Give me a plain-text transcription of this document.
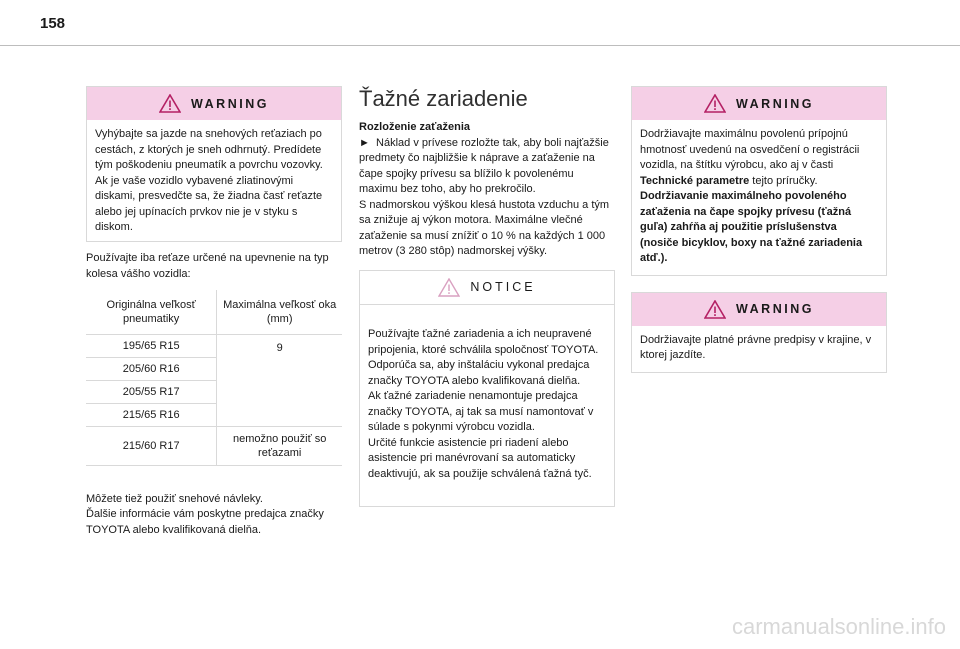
158
WARNING

Vyhýbajte sa jazde na snehových reťaziach po cestách, z ktorých je sneh odhrnutý. Predídete tým poškodeniu pneumatík a povrchu vozovky. Ak je vaše vozidlo vybavené zliatinovými diskami, presvedčte sa, že žiadna časť reťazte alebo jej upínacích prvkov nie je v styku s diskom.

Používajte iba reťaze určené na upevnenie na typ kolesa vášho vozidla:

Originálna veľkosť pneumatiky	Maximálna veľkosť oka (mm)
195/65 R15	9
205/60 R16	
205/55 R17	
215/65 R16	
215/60 R17	nemožno použiť so reťazami

Môžete tiež použiť snehové návleky.
Ďalšie informácie vám poskytne predajca značky TOYOTA alebo kvalifikovaná dielňa.

Ťažné zariadenie

Rozloženie zaťaženia

► Náklad v prívese rozložte tak, aby boli najťažšie predmety čo najbližšie k náprave a zaťaženie na čape spojky prívesu sa blížilo k povolenému maximu bez toho, aby ho prekročilo.

S nadmorskou výškou klesá hustota vzduchu a tým sa znižuje aj výkon motora. Maximálne vlečné zaťaženie sa musí znížiť o 10 % na každých 1 000 metrov (3 280 stôp) nadmorskej výšky.

NOTICE

Používajte ťažné zariadenia a ich neupravené pripojenia, ktoré schválila spoločnosť TOYOTA. Odporúča sa, aby inštaláciu vykonal predajca značky TOYOTA alebo kvalifikovaná dielňa.
Ak ťažné zariadenie nenamontuje predajca značky TOYOTA, aj tak sa musí namontovať v súlade s pokynmi výrobcu vozidla.
Určité funkcie asistencie pri riadení alebo asistencie pri manévrovaní sa automaticky deaktivujú, ak sa použije schválená ťažná tyč.

WARNING

Dodržiavajte maximálnu povolenú prípojnú hmotnosť uvedenú na osvedčení o registrácii vozidla, na štítku výrobcu, ako aj v časti Technické parametre tejto príručky.

Dodržiavanie maximálneho povoleného zaťaženia na čape spojky prívesu (ťažná guľa) zahŕňa aj použitie príslušenstva (nosiče bicyklov, boxy na ťažné zariadenia atď.).

WARNING

Dodržiavajte platné právne predpisy v krajine, v ktorej jazdíte.

carmanualsonline.info
